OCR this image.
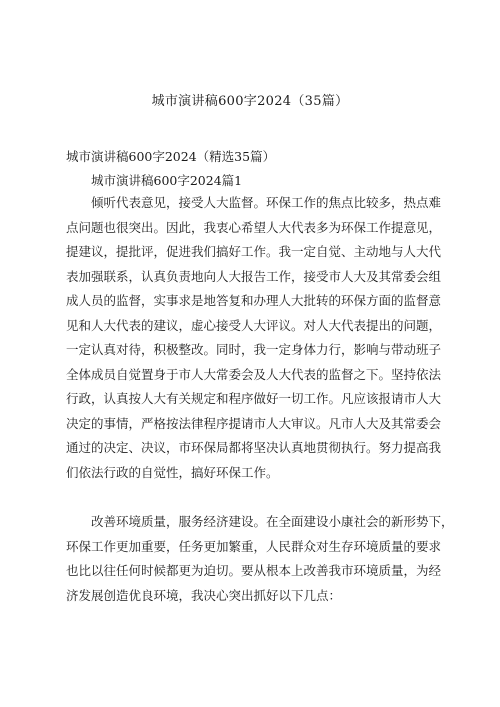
城市演讲稿600字2024（35篇）
城市演讲稿600字2024（精选35篇）
城市演讲稿600字2024篇1
倾听代表意见，接受人大监督。环保工作的焦点比较多，热点难
点问题也很突出。因此，我衷心希望人大代表多为环保工作提意见，
提建议，提批评，促进我们搞好工作。我一定自觉、主动地与人大代
表加强联系，认真负责地向人大报告工作，接受市人大及其常委会组
成人员的监督，实事求是地答复和办理人大批转的环保方面的监督意
见和人大代表的建议，虚心接受人大评议。对人大代表提出的问题，
一定认真对待，积极整改。同时，我一定身体力行，影响与带动班子
全体成员自觉置身于市人大常委会及人大代表的监督之下。坚持依法
行政，认真按人大有关规定和程序做好一切工作。凡应该报请市人大
决定的事情，严格按法律程序提请市人大审议。凡市人大及其常委会
通过的决定、决议，市环保局都将坚决认真地贯彻执行。努力提高我
们依法行政的自觉性，搞好环保工作。
改善环境质量，服务经济建设。在全面建设小康社会的新形势下，
环保工作更加重要，任务更加繁重，人民群众对生存环境质量的要求
也比以往任何时候都更为迫切。要从根本上改善我市环境质量，为经
济发展创造优良环境，我决心突出抓好以下几点：
